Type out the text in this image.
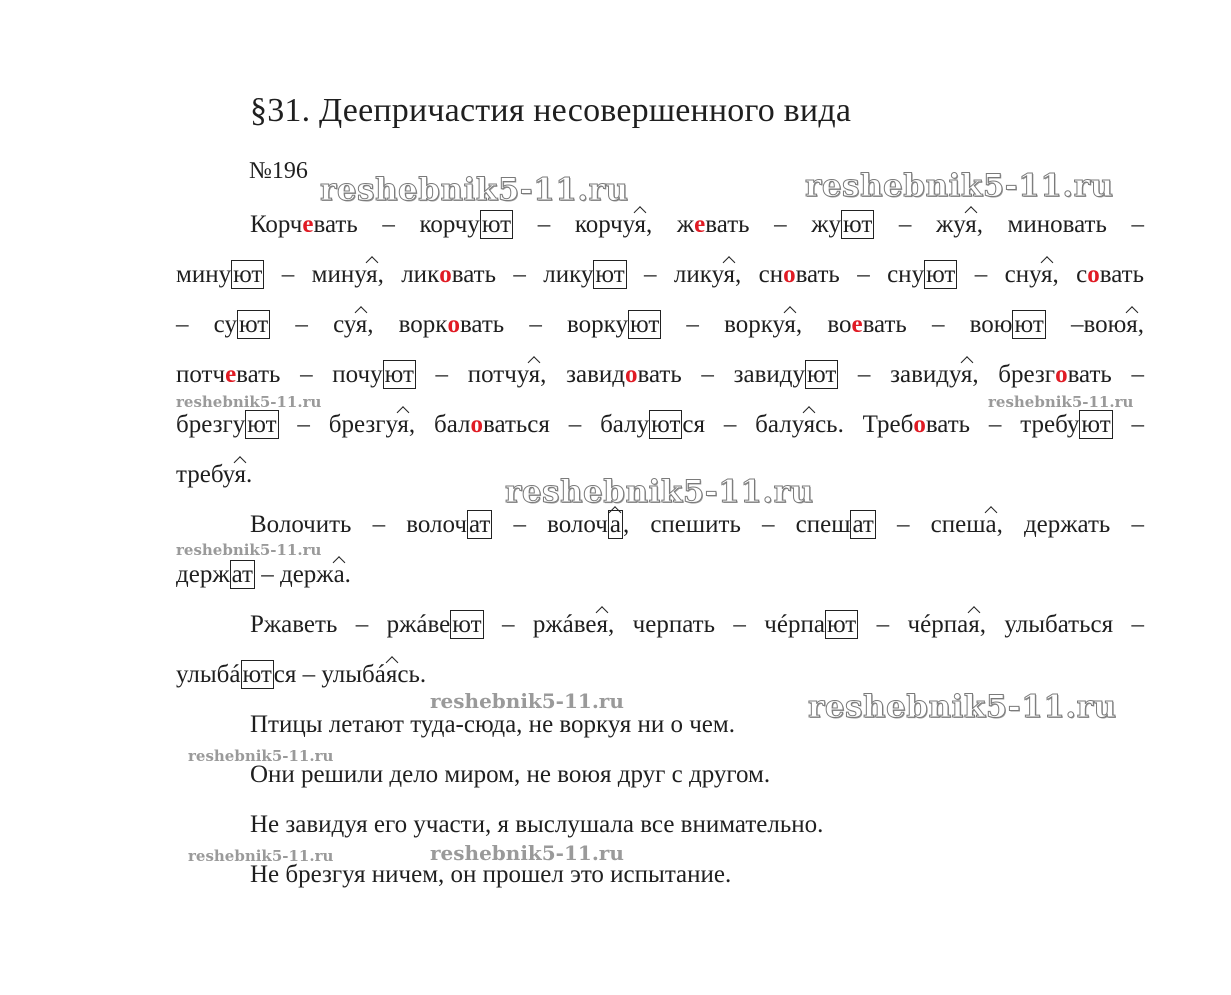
§31. Деепричастия несовершенного вида
№196
Корчевать – корчуют – корчуя, жевать – жуют – жуя, миновать –
минуют – минуя, ликовать – ликуют – ликуя, сновать – снуют – снуя, совать
– суют – суя, ворковать – воркуют – воркуя, воевать – воюют –воюя,
потчевать – почуют – потчуя, завидовать – завидуют – завидуя, брезговать –
брезгуют – брезгуя, баловаться – балуются – балуясь. Требовать – требуют –
требуя.
Волочить – волочат – волоча, спешить – спешат – спеша, держать –
держат – держа.
Ржаветь – ржáвеют – ржáвея, черпать – чéрпают – чéрпая, улыбаться –
улыбáются – улыбáясь.
Птицы летают туда-сюда, не воркуя ни о чем.
Они решили дело миром, не воюя друг с другом.
Не завидуя его участи, я выслушала все внимательно.
Не брезгуя ничем, он прошел это испытание.
reshebnik5-11.ru	reshebnik5-11.ru
reshebnik5-11.ru	reshebnik5-11.ru
reshebnik5-11.ru
reshebnik5-11.ru
reshebnik5-11.ru	reshebnik5-11.ru
reshebnik5-11.ru
reshebnik5-11.ru
reshebnik5-11.ru
